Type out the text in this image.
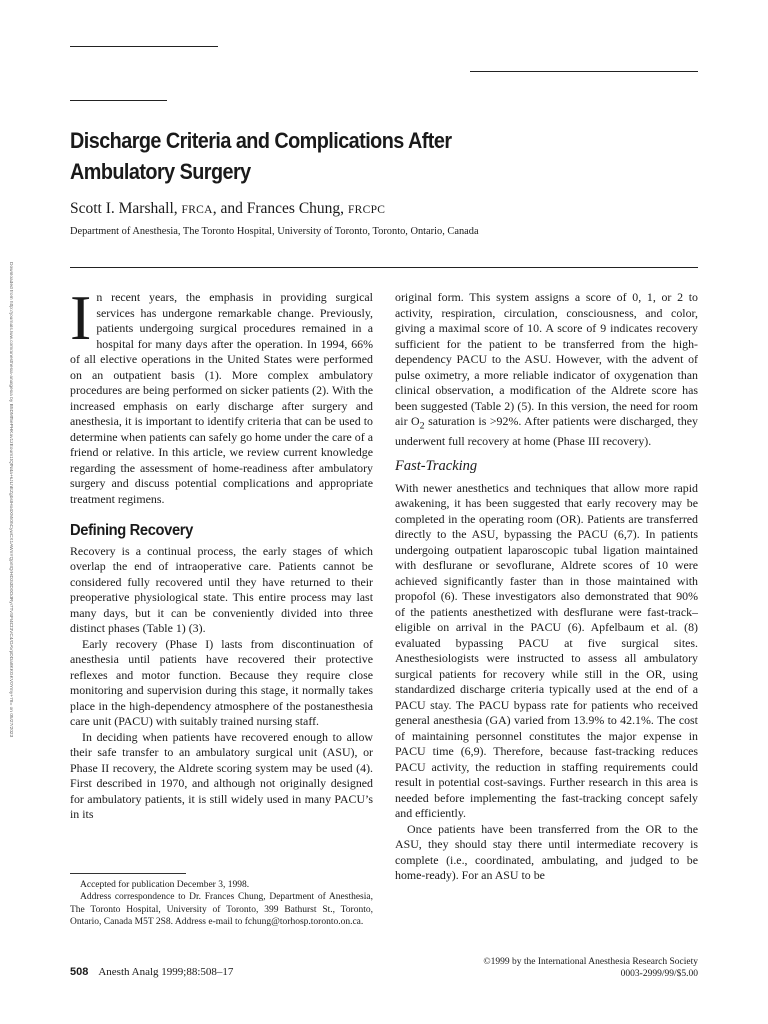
Downloaded from http://journals.lww.com/anesthesia-analgesia by BhDMf5ePHKav1zEoum1tQfN4a+kJLhEZgbsIHo4XMi0hCywCX1AWnYQp/IlQrHD3i3D0OdRyi7TvSFl4Cf3VC4/OAVpDDa8KKGKV0Ymy+78= on 05/27/2023
Discharge Criteria and Complications After
Ambulatory Surgery

Scott I. Marshall, FRCA, and Frances Chung, FRCPC

Department of Anesthesia, The Toronto Hospital, University of Toronto, Toronto, Ontario, Canada

In recent years, the emphasis in providing surgical services has undergone remarkable change. Previously, patients undergoing surgical procedures remained in a hospital for many days after the operation. In 1994, 66% of all elective operations in the United States were performed on an outpatient basis (1). More complex ambulatory procedures are being performed on sicker patients (2). With the increased emphasis on early discharge after surgery and anesthesia, it is important to identify criteria that can be used to determine when patients can safely go home under the care of a friend or relative. In this article, we review current knowledge regarding the assessment of home-readiness after ambulatory surgery and discuss potential complications and appropriate treatment regimens.

Defining Recovery

Recovery is a continual process, the early stages of which overlap the end of intraoperative care. Patients cannot be considered fully recovered until they have returned to their preoperative physiological state. This entire process may last many days, but it can be conveniently divided into three distinct phases (Table 1) (3).

Early recovery (Phase I) lasts from discontinuation of anesthesia until patients have recovered their protective reflexes and motor function. Because they require close monitoring and supervision during this stage, it normally takes place in the high-dependency atmosphere of the postanesthesia care unit (PACU) with suitably trained nursing staff.

In deciding when patients have recovered enough to allow their safe transfer to an ambulatory surgical unit (ASU), or Phase II recovery, the Aldrete scoring system may be used (4). First described in 1970, and although not originally designed for ambulatory patients, it is still widely used in many PACU’s in its

original form. This system assigns a score of 0, 1, or 2 to activity, respiration, circulation, consciousness, and color, giving a maximal score of 10. A score of 9 indicates recovery sufficient for the patient to be transferred from the high-dependency PACU to the ASU. However, with the advent of pulse oximetry, a more reliable indicator of oxygenation than clinical observation, a modification of the Aldrete score has been suggested (Table 2) (5). In this version, the need for room air $O_2$ saturation is >92%. After patients were discharged, they underwent full recovery at home (Phase III recovery).

Fast-Tracking

With newer anesthetics and techniques that allow more rapid awakening, it has been suggested that early recovery may be completed in the operating room (OR). Patients are transferred directly to the ASU, bypassing the PACU (6,7). In patients undergoing outpatient laparoscopic tubal ligation maintained with desflurane or sevoflurane, Aldrete scores of 10 were achieved significantly faster than in those maintained with propofol (6). These investigators also demonstrated that 90% of the patients anesthetized with desflurane were fast-track–eligible on arrival in the PACU (6). Apfelbaum et al. (8) evaluated bypassing PACU at five surgical sites. Anesthesiologists were instructed to assess all ambulatory surgical patients for recovery while still in the OR, using standardized discharge criteria typically used at the end of a PACU stay. The PACU bypass rate for patients who received general anesthesia (GA) varied from 13.9% to 42.1%. The cost of maintaining personnel constitutes the major expense in PACU time (6,9). Therefore, because fast-tracking reduces PACU activity, the reduction in staffing requirements could result in potential cost-savings. Further research in this area is needed before implementing the fast-tracking concept safely and efficiently.

Once patients have been transferred from the OR to the ASU, they should stay there until intermediate recovery is complete (i.e., coordinated, ambulating, and judged to be home-ready). For an ASU to be

Accepted for publication December 3, 1998.

Address correspondence to Dr. Frances Chung, Department of Anesthesia, The Toronto Hospital, University of Toronto, 399 Bathurst St., Toronto, Ontario, Canada M5T 2S8. Address e-mail to fchung@torhosp.toronto.on.ca.

508 Anesth Analg 1999;88:508–17
©1999 by the International Anesthesia Research Society
0003-2999/99/$5.00
